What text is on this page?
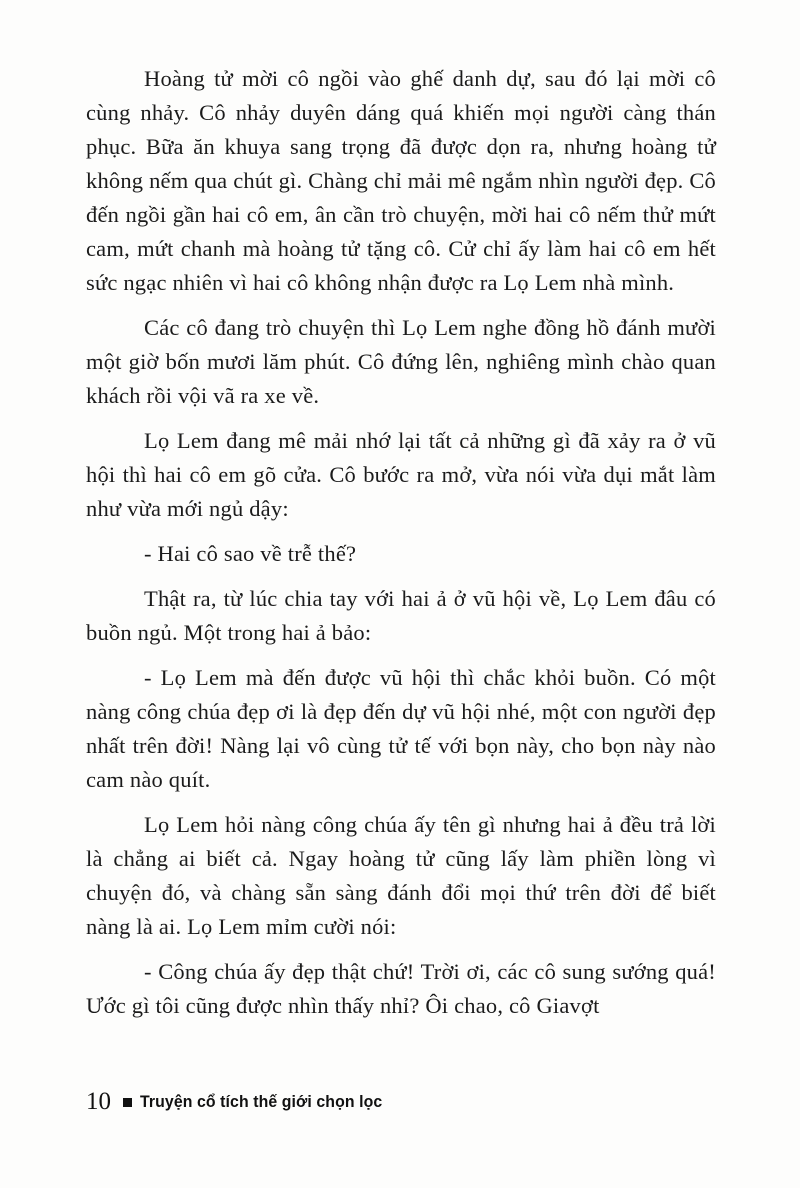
Hoàng tử mời cô ngồi vào ghế danh dự, sau đó lại mời cô cùng nhảy. Cô nhảy duyên dáng quá khiến mọi người càng thán phục. Bữa ăn khuya sang trọng đã được dọn ra, nhưng hoàng tử không nếm qua chút gì. Chàng chỉ mải mê ngắm nhìn người đẹp. Cô đến ngồi gần hai cô em, ân cần trò chuyện, mời hai cô nếm thử mứt cam, mứt chanh mà hoàng tử tặng cô. Cử chỉ ấy làm hai cô em hết sức ngạc nhiên vì hai cô không nhận được ra Lọ Lem nhà mình.

Các cô đang trò chuyện thì Lọ Lem nghe đồng hồ đánh mười một giờ bốn mươi lăm phút. Cô đứng lên, nghiêng mình chào quan khách rồi vội vã ra xe về.

Lọ Lem đang mê mải nhớ lại tất cả những gì đã xảy ra ở vũ hội thì hai cô em gõ cửa. Cô bước ra mở, vừa nói vừa dụi mắt làm như vừa mới ngủ dậy:

- Hai cô sao về trễ thế?

Thật ra, từ lúc chia tay với hai ả ở vũ hội về, Lọ Lem đâu có buồn ngủ. Một trong hai ả bảo:

- Lọ Lem mà đến được vũ hội thì chắc khỏi buồn. Có một nàng công chúa đẹp ơi là đẹp đến dự vũ hội nhé, một con người đẹp nhất trên đời! Nàng lại vô cùng tử tế với bọn này, cho bọn này nào cam nào quít.

Lọ Lem hỏi nàng công chúa ấy tên gì nhưng hai ả đều trả lời là chẳng ai biết cả. Ngay hoàng tử cũng lấy làm phiền lòng vì chuyện đó, và chàng sẵn sàng đánh đổi mọi thứ trên đời để biết nàng là ai. Lọ Lem mỉm cười nói:

- Công chúa ấy đẹp thật chứ! Trời ơi, các cô sung sướng quá! Ước gì tôi cũng được nhìn thấy nhỉ? Ôi chao, cô Giavợt

10 Truyện cổ tích thế giới chọn lọc
